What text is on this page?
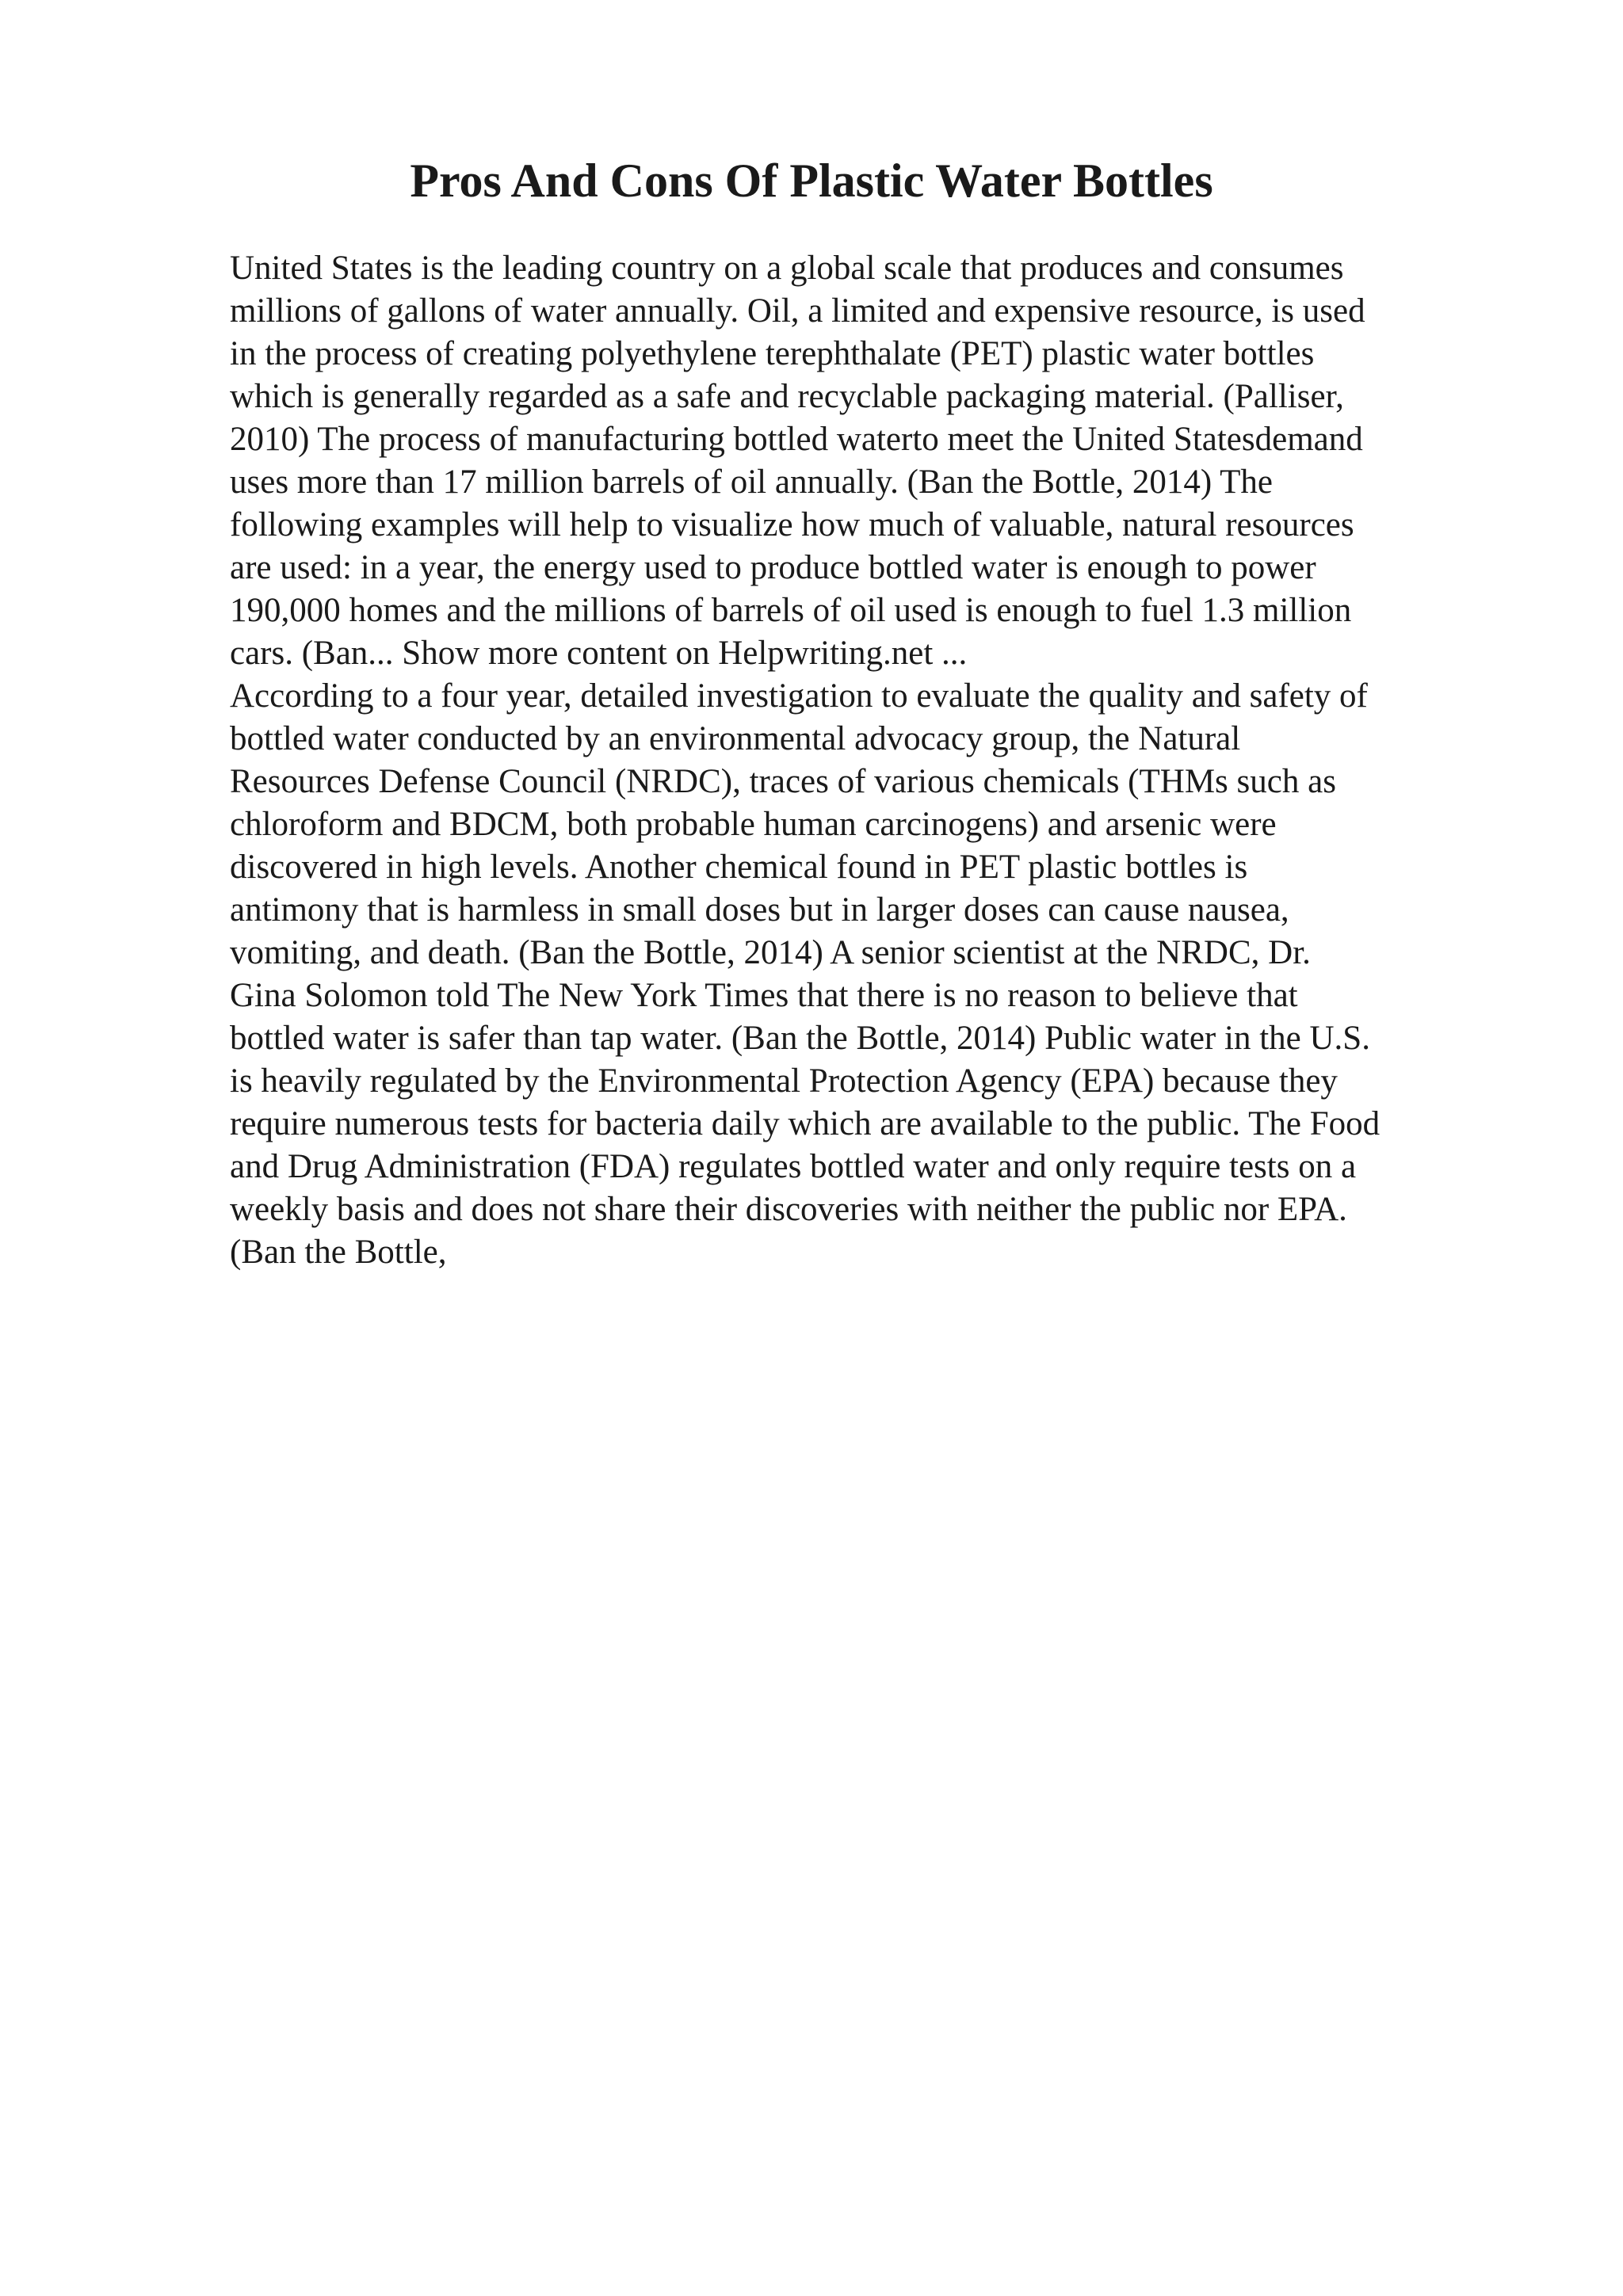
Pros And Cons Of Plastic Water Bottles
United States is the leading country on a global scale that produces and consumes
millions of gallons of water annually. Oil, a limited and expensive resource, is used
in the process of creating polyethylene terephthalate (PET) plastic water bottles
which is generally regarded as a safe and recyclable packaging material. (Palliser,
2010) The process of manufacturing bottled waterto meet the United Statesdemand
uses more than 17 million barrels of oil annually. (Ban the Bottle, 2014) The
following examples will help to visualize how much of valuable, natural resources
are used: in a year, the energy used to produce bottled water is enough to power
190,000 homes and the millions of barrels of oil used is enough to fuel 1.3 million
cars. (Ban... Show more content on Helpwriting.net ...
According to a four year, detailed investigation to evaluate the quality and safety of
bottled water conducted by an environmental advocacy group, the Natural
Resources Defense Council (NRDC), traces of various chemicals (THMs such as
chloroform and BDCM, both probable human carcinogens) and arsenic were
discovered in high levels. Another chemical found in PET plastic bottles is
antimony that is harmless in small doses but in larger doses can cause nausea,
vomiting, and death. (Ban the Bottle, 2014) A senior scientist at the NRDC, Dr.
Gina Solomon told The New York Times that there is no reason to believe that
bottled water is safer than tap water. (Ban the Bottle, 2014) Public water in the U.S.
is heavily regulated by the Environmental Protection Agency (EPA) because they
require numerous tests for bacteria daily which are available to the public. The Food
and Drug Administration (FDA) regulates bottled water and only require tests on a
weekly basis and does not share their discoveries with neither the public nor EPA.
(Ban the Bottle,
